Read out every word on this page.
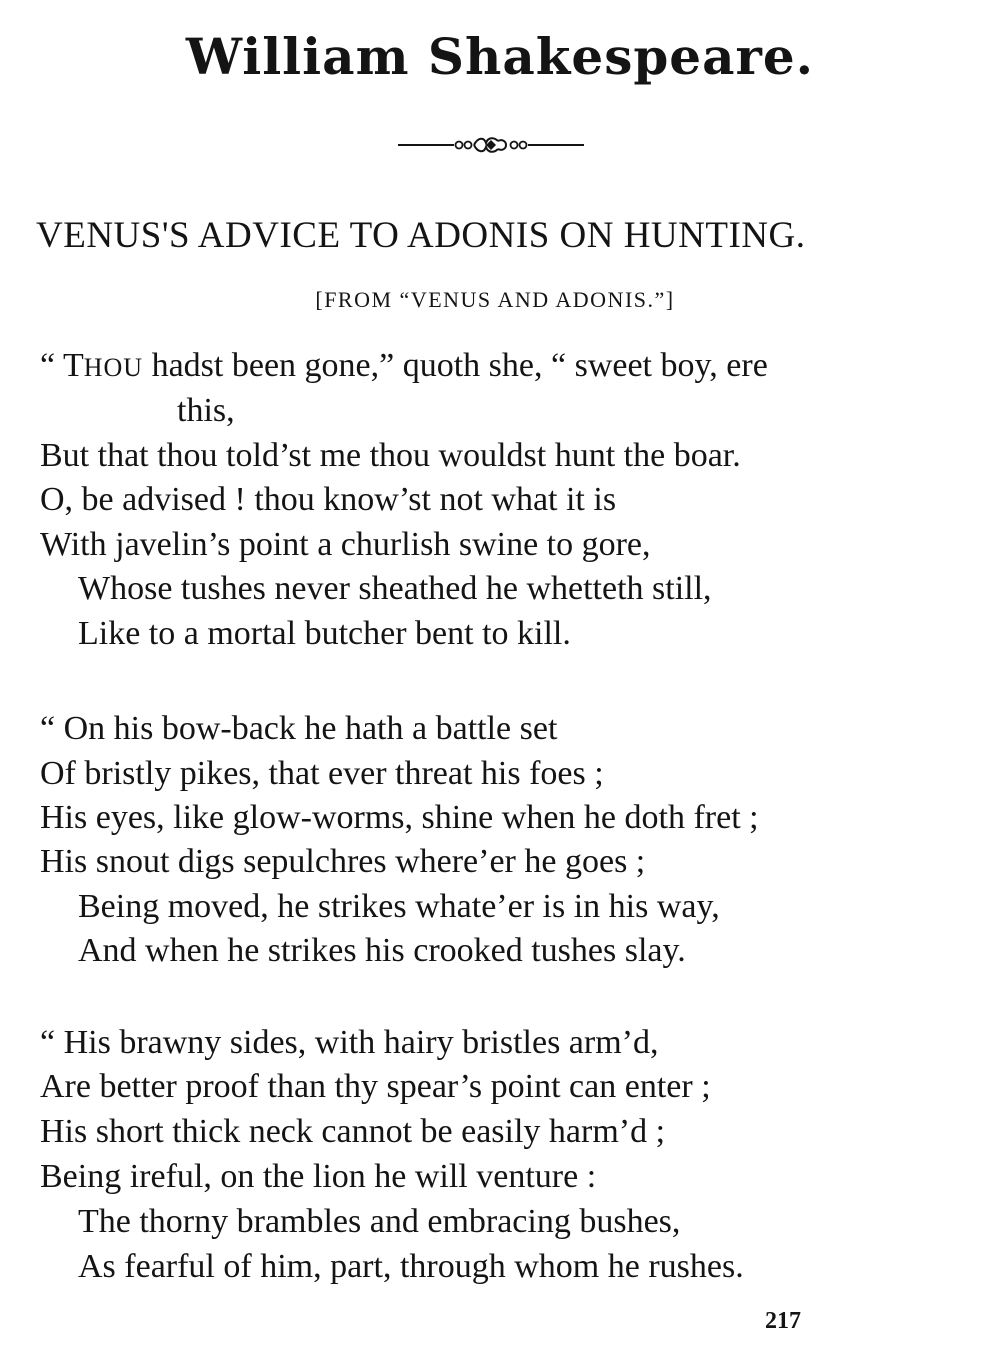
William Shakespeare.
VENUS'S ADVICE TO ADONIS ON HUNTING.
[FROM “VENUS AND ADONIS.”]
“ THOU hadst been gone,” quoth she, “ sweet boy, ere
this,
But that thou told’st me thou wouldst hunt the boar.
O, be advised ! thou know’st not what it is
With javelin’s point a churlish swine to gore,
Whose tushes never sheathed he whetteth still,
Like to a mortal butcher bent to kill.
“ On his bow-back he hath a battle set
Of bristly pikes, that ever threat his foes ;
His eyes, like glow-worms, shine when he doth fret ;
His snout digs sepulchres where’er he goes ;
Being moved, he strikes whate’er is in his way,
And when he strikes his crooked tushes slay.
“ His brawny sides, with hairy bristles arm’d,
Are better proof than thy spear’s point can enter ;
His short thick neck cannot be easily harm’d ;
Being ireful, on the lion he will venture :
The thorny brambles and embracing bushes,
As fearful of him, part, through whom he rushes.
217
